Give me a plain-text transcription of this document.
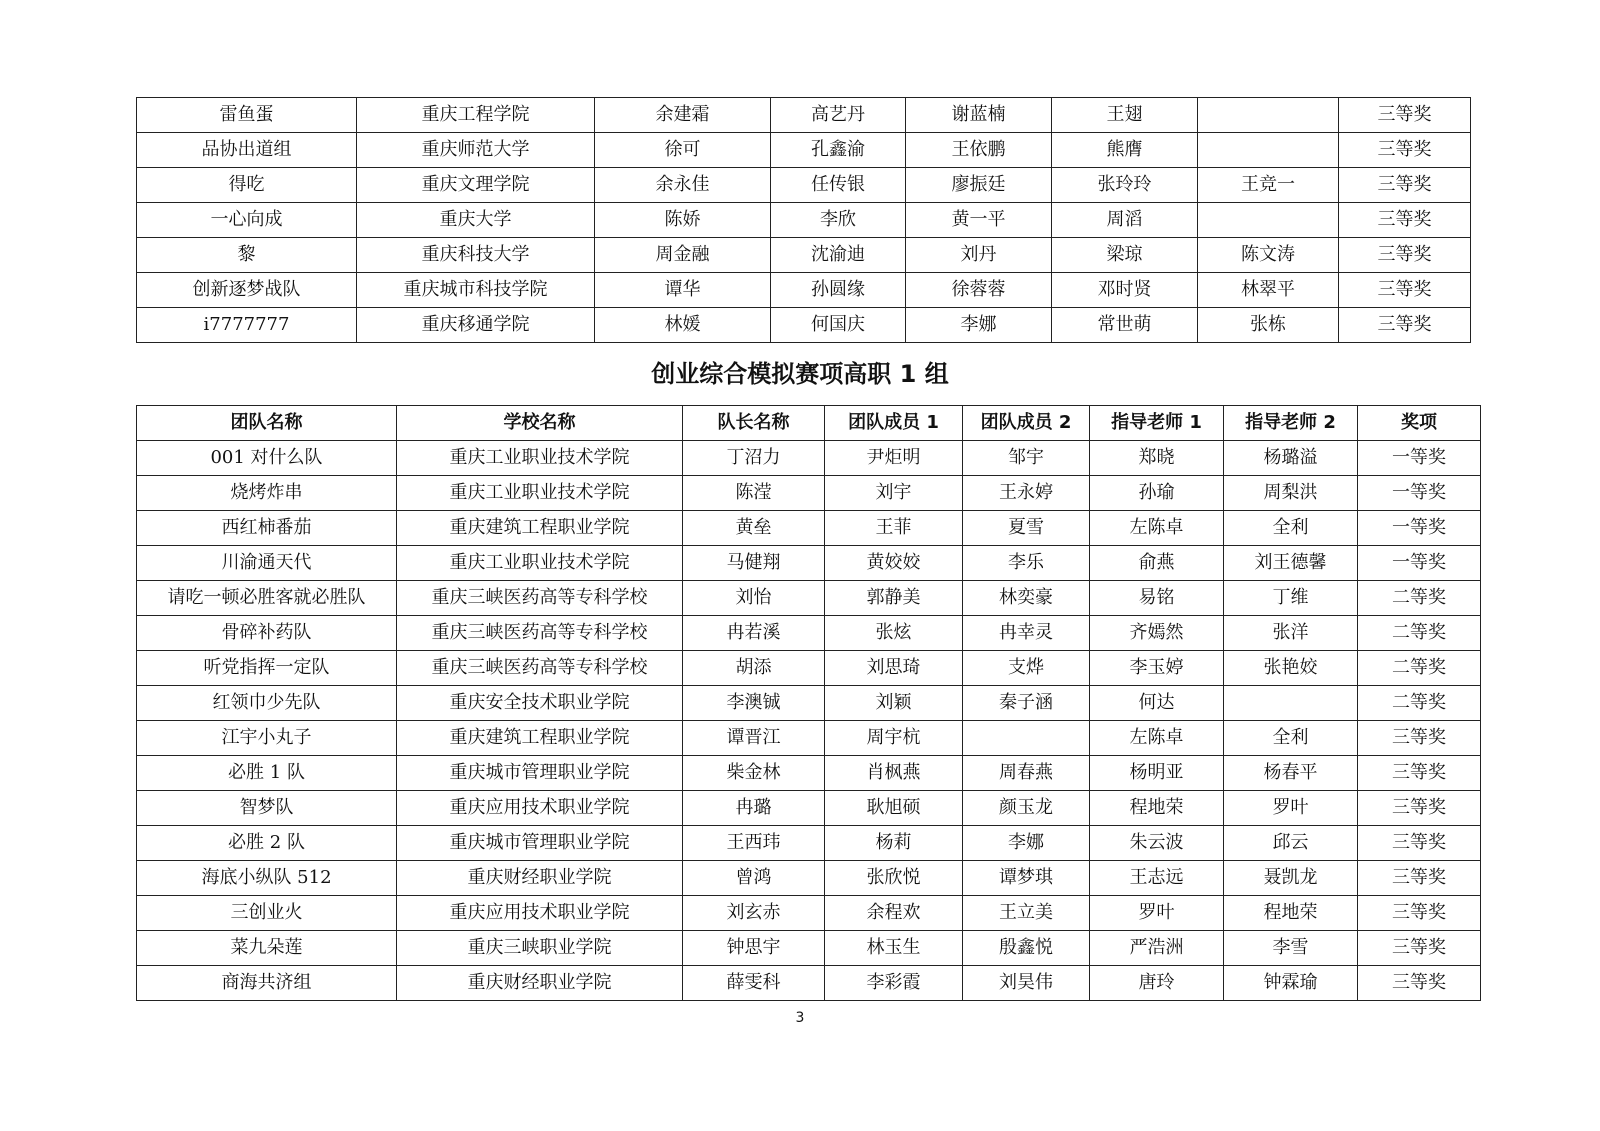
雷鱼蛋	重庆工程学院	余建霜	高艺丹	谢蓝楠	王翅		三等奖
品协出道组	重庆师范大学	徐可	孔鑫渝	王依鹏	熊膺		三等奖
得吃	重庆文理学院	余永佳	任传银	廖振廷	张玲玲	王竞一	三等奖
一心向成	重庆大学	陈娇	李欣	黄一平	周滔		三等奖
黎	重庆科技大学	周金融	沈渝迪	刘丹	梁琼	陈文涛	三等奖
创新逐梦战队	重庆城市科技学院	谭华	孙圆缘	徐蓉蓉	邓时贤	林翠平	三等奖
i7777777	重庆移通学院	林媛	何国庆	李娜	常世萌	张栋	三等奖
创业综合模拟赛项高职 1 组
团队名称	学校名称	队长名称	团队成员 1	团队成员 2	指导老师 1	指导老师 2	奖项
001 对什么队	重庆工业职业技术学院	丁沼力	尹炬明	邹宇	郑晓	杨璐溢	一等奖
烧烤炸串	重庆工业职业技术学院	陈滢	刘宇	王永婷	孙瑜	周梨洪	一等奖
西红柿番茄	重庆建筑工程职业学院	黄垒	王菲	夏雪	左陈卓	全利	一等奖
川渝通天代	重庆工业职业技术学院	马健翔	黄姣姣	李乐	俞燕	刘王德馨	一等奖
请吃一顿必胜客就必胜队	重庆三峡医药高等专科学校	刘怡	郭静美	林奕豪	易铭	丁维	二等奖
骨碎补药队	重庆三峡医药高等专科学校	冉若溪	张炫	冉幸灵	齐嫣然	张洋	二等奖
听党指挥一定队	重庆三峡医药高等专科学校	胡添	刘思琦	支烨	李玉婷	张艳姣	二等奖
红领巾少先队	重庆安全技术职业学院	李澳铖	刘颖	秦子涵	何达		二等奖
江宇小丸子	重庆建筑工程职业学院	谭晋江	周宇杭		左陈卓	全利	三等奖
必胜 1 队	重庆城市管理职业学院	柴金林	肖枫燕	周春燕	杨明亚	杨春平	三等奖
智梦队	重庆应用技术职业学院	冉璐	耿旭硕	颜玉龙	程地荣	罗叶	三等奖
必胜 2 队	重庆城市管理职业学院	王西玮	杨莉	李娜	朱云波	邱云	三等奖
海底小纵队 512	重庆财经职业学院	曾鸿	张欣悦	谭梦琪	王志远	聂凯龙	三等奖
三创业火	重庆应用技术职业学院	刘玄赤	余程欢	王立美	罗叶	程地荣	三等奖
菜九朵莲	重庆三峡职业学院	钟思宇	林玉生	殷鑫悦	严浩洲	李雪	三等奖
商海共济组	重庆财经职业学院	薛雯科	李彩霞	刘昊伟	唐玲	钟霖瑜	三等奖
3
